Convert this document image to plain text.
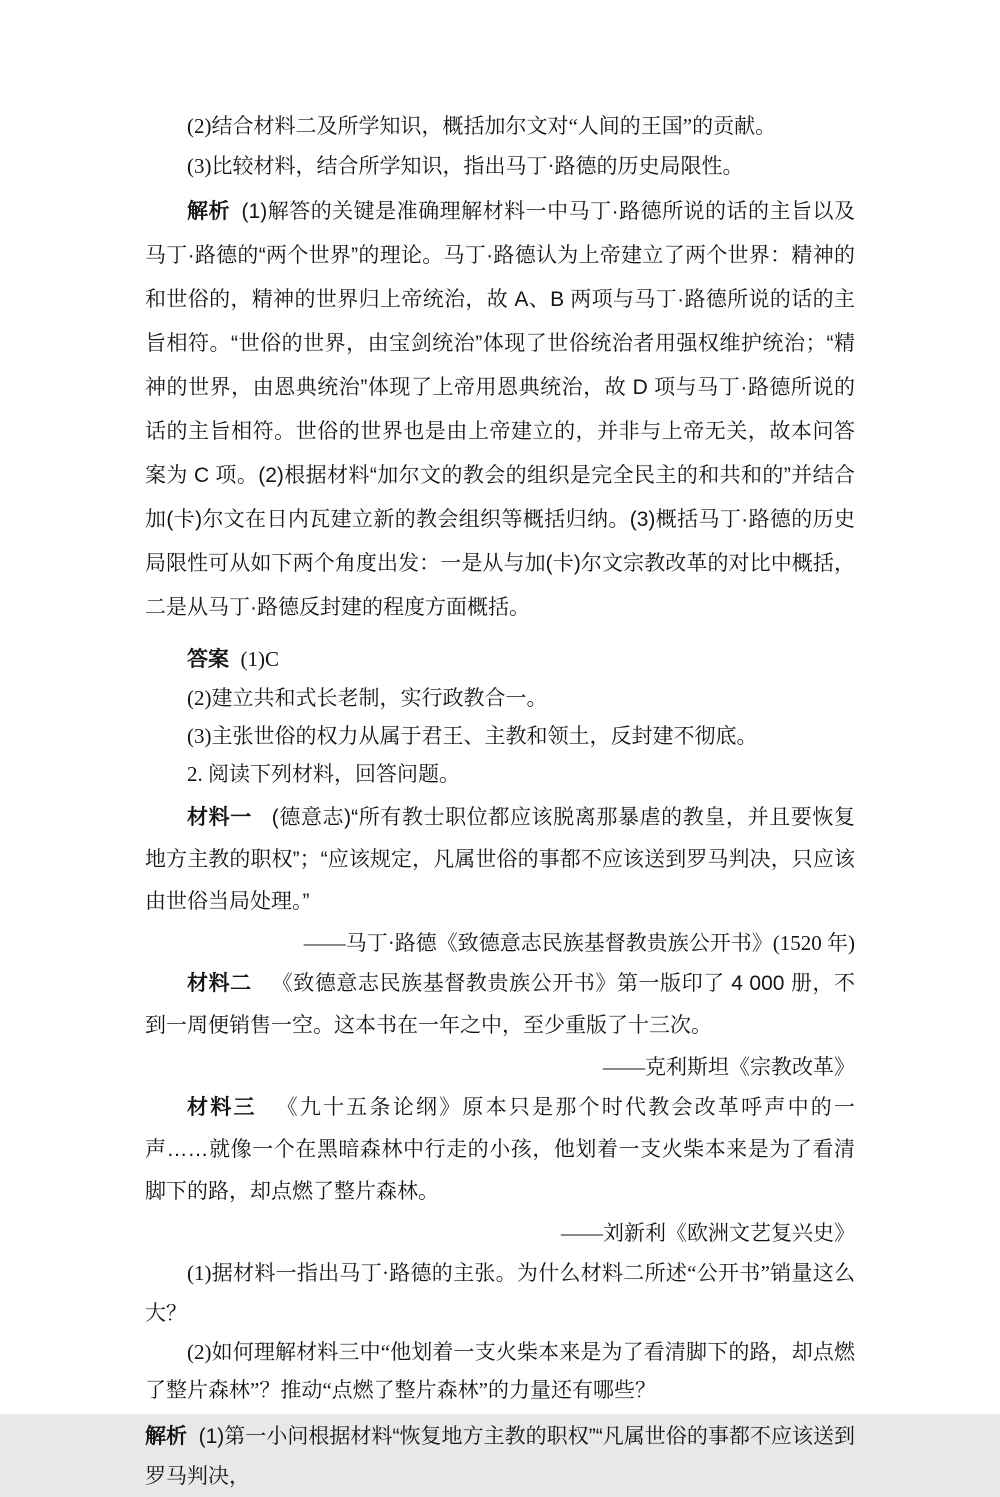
(2)结合材料二及所学知识，概括加尔文对“人间的王国”的贡献。

(3)比较材料，结合所学知识，指出马丁·路德的历史局限性。

解析 (1)解答的关键是准确理解材料一中马丁·路德所说的话的主旨以及马丁·路德的“两个世界”的理论。马丁·路德认为上帝建立了两个世界：精神的和世俗的，精神的世界归上帝统治，故 A、B 两项与马丁·路德所说的话的主旨相符。“世俗的世界，由宝剑统治”体现了世俗统治者用强权维护统治；“精神的世界，由恩典统治”体现了上帝用恩典统治，故 D 项与马丁·路德所说的话的主旨相符。世俗的世界也是由上帝建立的，并非与上帝无关，故本问答案为 C 项。(2)根据材料“加尔文的教会的组织是完全民主的和共和的”并结合加(卡)尔文在日内瓦建立新的教会组织等概括归纳。(3)概括马丁·路德的历史局限性可从如下两个角度出发：一是从与加(卡)尔文宗教改革的对比中概括，二是从马丁·路德反封建的程度方面概括。

答案 (1)C

(2)建立共和式长老制，实行政教合一。

(3)主张世俗的权力从属于君王、主教和领土，反封建不彻底。

2. 阅读下列材料，回答问题。

材料一 (德意志)“所有教士职位都应该脱离那暴虐的教皇，并且要恢复地方主教的职权”；“应该规定，凡属世俗的事都不应该送到罗马判决，只应该由世俗当局处理。”

——马丁·路德《致德意志民族基督教贵族公开书》(1520 年)

材料二 《致德意志民族基督教贵族公开书》第一版印了 4 000 册，不到一周便销售一空。这本书在一年之中，至少重版了十三次。

——克利斯坦《宗教改革》

材料三 《九十五条论纲》原本只是那个时代教会改革呼声中的一声……就像一个在黑暗森林中行走的小孩，他划着一支火柴本来是为了看清脚下的路，却点燃了整片森林。

——刘新利《欧洲文艺复兴史》

(1)据材料一指出马丁·路德的主张。为什么材料二所述“公开书”销量这么大？

(2)如何理解材料三中“他划着一支火柴本来是为了看清脚下的路，却点燃了整片森林”？推动“点燃了整片森林”的力量还有哪些？

解析 (1)第一小问根据材料“恢复地方主教的职权”“凡属世俗的事都不应该送到罗马判决，
